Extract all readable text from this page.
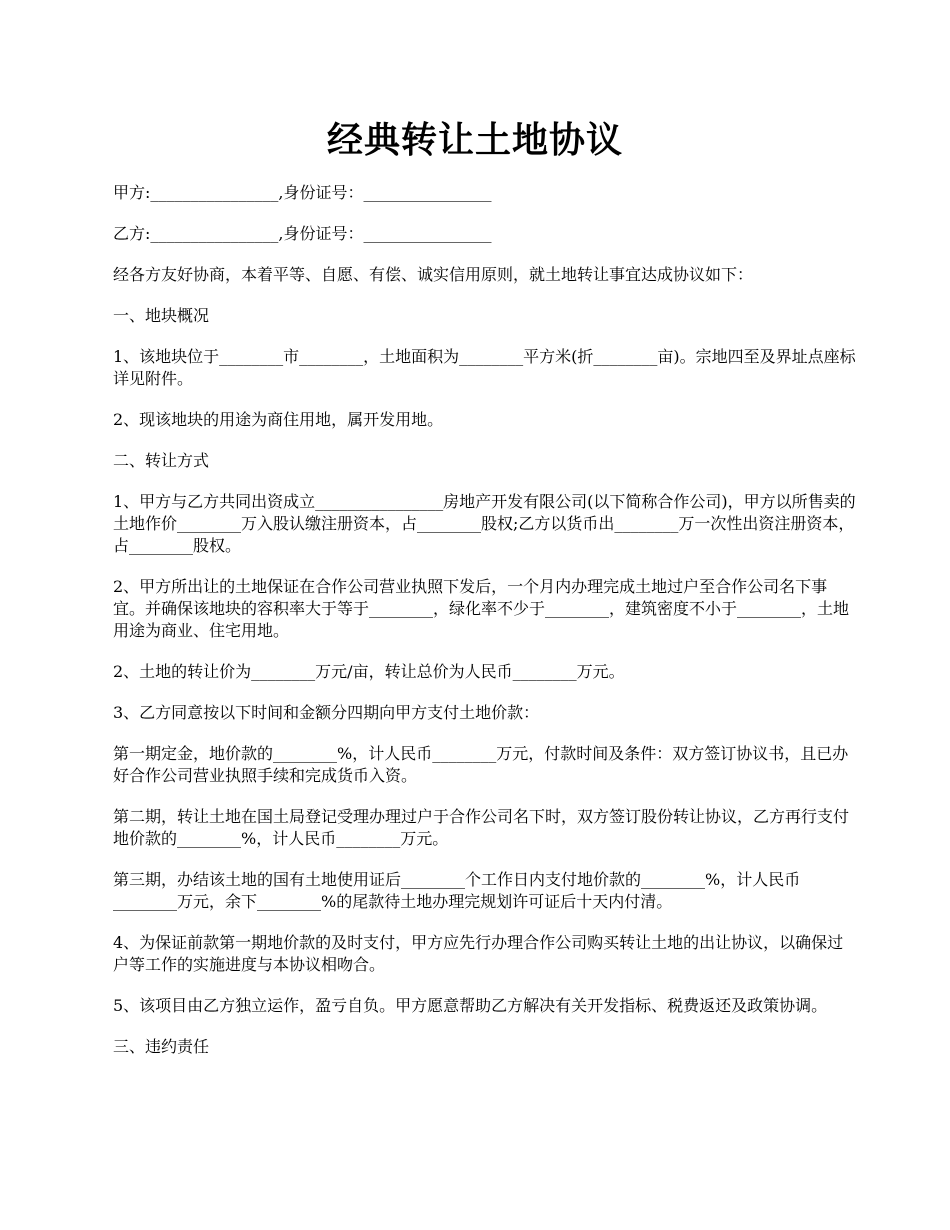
经典转让土地协议

甲方:________________,身份证号：________________

乙方:________________,身份证号：________________

经各方友好协商，本着平等、自愿、有偿、诚实信用原则，就土地转让事宜达成协议如下：

一、地块概况

1、该地块位于________市________，土地面积为________平方米(折________亩)。宗地四至及界址点座标详见附件。

2、现该地块的用途为商住用地，属开发用地。

二、转让方式

1、甲方与乙方共同出资成立________________房地产开发有限公司(以下简称合作公司)，甲方以所售卖的土地作价________万入股认缴注册资本，占________股权;乙方以货币出________万一次性出资注册资本，占________股权。

2、甲方所出让的土地保证在合作公司营业执照下发后，一个月内办理完成土地过户至合作公司名下事宜。并确保该地块的容积率大于等于________，绿化率不少于________，建筑密度不小于________，土地用途为商业、住宅用地。

2、土地的转让价为________万元/亩，转让总价为人民币________万元。

3、乙方同意按以下时间和金额分四期向甲方支付土地价款：

第一期定金，地价款的________%，计人民币________万元，付款时间及条件：双方签订协议书，且已办好合作公司营业执照手续和完成货币入资。

第二期，转让土地在国土局登记受理办理过户于合作公司名下时，双方签订股份转让协议，乙方再行支付地价款的________%，计人民币________万元。

第三期，办结该土地的国有土地使用证后________个工作日内支付地价款的________%，计人民币________万元，余下________%的尾款待土地办理完规划许可证后十天内付清。

4、为保证前款第一期地价款的及时支付，甲方应先行办理合作公司购买转让土地的出让协议，以确保过户等工作的实施进度与本协议相吻合。

5、该项目由乙方独立运作，盈亏自负。甲方愿意帮助乙方解决有关开发指标、税费返还及政策协调。

三、违约责任
